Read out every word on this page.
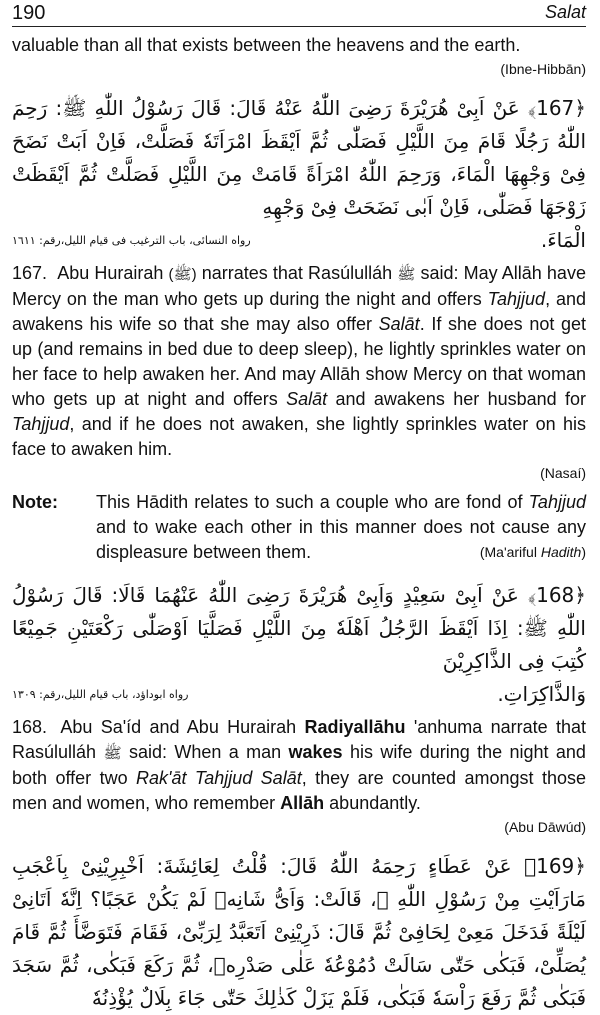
190	Salat

valuable than all that exists between the heavens and the earth.

(Ibne-Hibbān)

﴿167﴾ عَنْ اَبِىْ هُرَيْرَةَ رَضِىَ اللّٰهُ عَنْهُ قَالَ: قَالَ رَسُوْلُ اللّٰهِ ﷺ: رَحِمَ اللّٰهُ رَجُلًا قَامَ مِنَ اللَّيْلِ فَصَلّٰى ثُمَّ اَيْقَظَ امْرَاَتَهٗ فَصَلَّتْ، فَاِنْ اَبَتْ نَضَحَ فِىْ وَجْهِهَا الْمَاءَ، وَرَحِمَ اللّٰهُ امْرَاَةً قَامَتْ مِنَ اللَّيْلِ فَصَلَّتْ ثُمَّ اَيْقَظَتْ زَوْجَهَا فَصَلّٰى، فَاِنْ اَبٰى نَضَحَتْ فِىْ وَجْهِهِ
الْمَاءَ.
رواه النسائى، باب الترغيب فى قيام الليل،رقم: ١٦١١

167. Abu Hurairah (ﷺ) narrates that Rasúlulláh ﷺ said: May Allāh have Mercy on the man who gets up during the night and offers Tahjjud, and awakens his wife so that she may also offer Salāt. If she does not get up (and remains in bed due to deep sleep), he lightly sprinkles water on her face to help awaken her. And may Allāh show Mercy on that woman who gets up at night and offers Salāt and awakens her husband for Tahjjud, and if he does not awaken, she lightly sprinkles water on his face to awaken him.

(Nasaí)

Note:	This Hādith relates to such a couple who are fond of Tahjjud and to wake each other in this manner does not cause any displeasure between them.	(Ma'ariful Hadith)
﴿168﴾ عَنْ اَبِىْ سَعِيْدٍ وَاَبِىْ هُرَيْرَةَ رَضِىَ اللّٰهُ عَنْهُمَا قَالَا: قَالَ رَسُوْلُ اللّٰهِ ﷺ: اِذَا اَيْقَظَ الرَّجُلُ اَهْلَهٗ مِنَ اللَّيْلِ فَصَلَّيَا اَوْصَلّٰى رَكْعَتَيْنِ جَمِيْعًا كُتِبَ فِى الذَّاكِرِيْنَ
وَالذَّاكِرَاتِ.
رواه ابوداؤد، باب قيام الليل،رقم: ١٣٠٩

168. Abu Sa'íd and Abu Hurairah Radiyallāhu 'anhuma narrate that Rasúlulláh ﷺ said: When a man wakes his wife during the night and both offer two Rak'āt Tahjjud Salāt, they are counted amongst those men and women, who remember Allāh abundantly.

(Abu Dāwúd)

﴿169﴾ عَنْ عَطَاءٍ رَحِمَهُ اللّٰهُ قَالَ: قُلْتُ لِعَائِشَةَ: اَخْبِرِيْنِىْ بِاَعْجَبِ مَارَاَيْتِ مِنْ رَسُوْلِ اللّٰهِ ﷺ، قَالَتْ: وَاَىُّ شَانِهٖ لَمْ يَكُنْ عَجَبًا؟ اِنَّهٗ اَتَانِىْ لَيْلَةً فَدَخَلَ مَعِىْ لِحَافِىْ ثُمَّ قَالَ: ذَرِيْنِىْ اَتَعَبَّدُ لِرَبِّىْ، فَقَامَ فَتَوَضَّأَ ثُمَّ قَامَ يُصَلِّىْ، فَبَكٰى حَتّٰى سَالَتْ دُمُوْعُهٗ عَلٰى صَدْرِهٖ، ثُمَّ رَكَعَ فَبَكٰى، ثُمَّ سَجَدَ فَبَكٰى ثُمَّ رَفَعَ رَاْسَهٗ فَبَكٰى، فَلَمْ يَزَلْ كَذٰلِكَ حَتّٰى جَاءَ بِلَالٌ يُؤْذِنُهٗ
